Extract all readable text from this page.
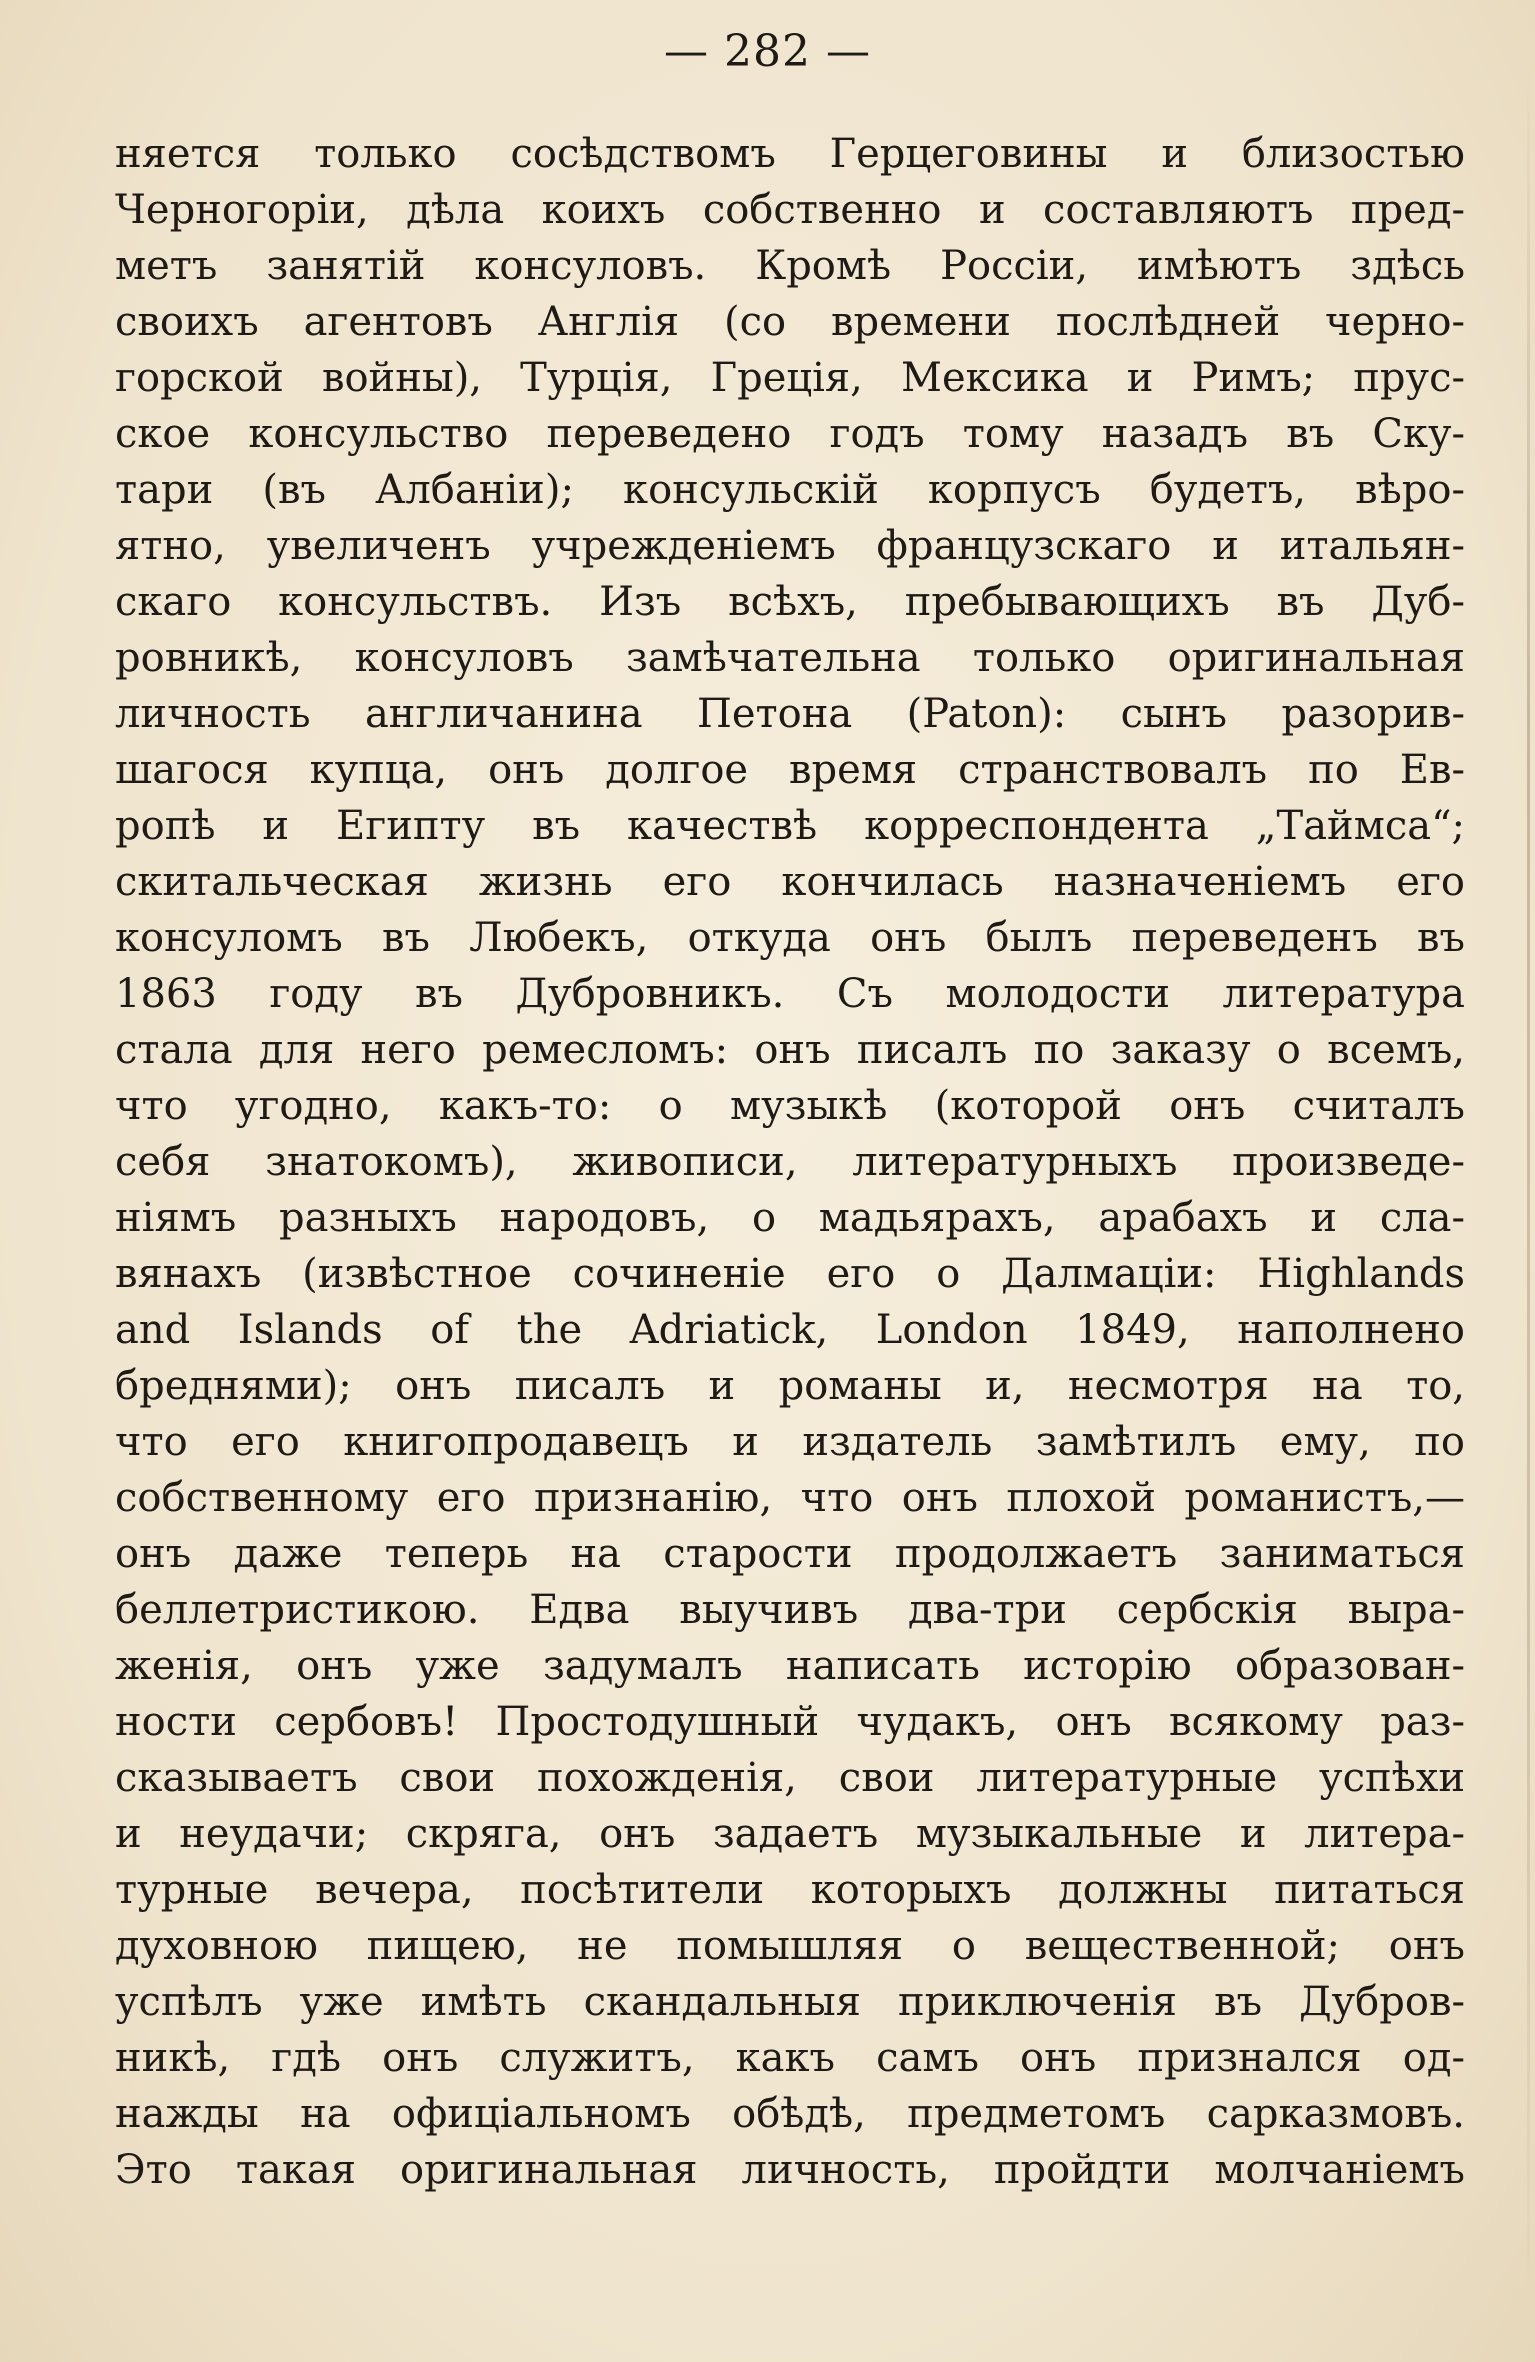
— 282 —
няется только сосѣдствомъ Герцеговины и близостью
Черногоріи, дѣла коихъ собственно и составляютъ пред-
метъ занятій консуловъ. Кромѣ Россіи, имѣютъ здѣсь
своихъ агентовъ Англія (со времени послѣдней черно-
горской войны), Турція, Греція, Мексика и Римъ; прус-
ское консульство переведено годъ тому назадъ въ Ску-
тари (въ Албаніи); консульскій корпусъ будетъ, вѣро-
ятно, увеличенъ учрежденіемъ французскаго и итальян-
скаго консульствъ. Изъ всѣхъ, пребывающихъ въ Дуб-
ровникѣ, консуловъ замѣчательна только оригинальная
личность англичанина Петона (Paton): сынъ разорив-
шагося купца, онъ долгое время странствовалъ по Ев-
ропѣ и Египту въ качествѣ корреспондента „Таймса“;
скитальческая жизнь его кончилась назначеніемъ его
консуломъ въ Любекъ, откуда онъ былъ переведенъ въ
1863 году въ Дубровникъ. Съ молодости литература
стала для него ремесломъ: онъ писалъ по заказу о всемъ,
что угодно, какъ-то: о музыкѣ (которой онъ считалъ
себя знатокомъ), живописи, литературныхъ произведе-
ніямъ разныхъ народовъ, о мадьярахъ, арабахъ и сла-
вянахъ (извѣстное сочиненіе его о Далмаціи: Highlands
and Islands of the Adriatick, London 1849, наполнено
бреднями); онъ писалъ и романы и, несмотря на то,
что его книгопродавецъ и издатель замѣтилъ ему, по
собственному его признанію, что онъ плохой романистъ,—
онъ даже теперь на старости продолжаетъ заниматься
беллетристикою. Едва выучивъ два-три сербскія выра-
женія, онъ уже задумалъ написать исторію образован-
ности сербовъ! Простодушный чудакъ, онъ всякому раз-
сказываетъ свои похожденія, свои литературные успѣхи
и неудачи; скряга, онъ задаетъ музыкальные и литера-
турные вечера, посѣтители которыхъ должны питаться
духовною пищею, не помышляя о вещественной; онъ
успѣлъ уже имѣть скандальныя приключенія въ Дубров-
никѣ, гдѣ онъ служитъ, какъ самъ онъ признался од-
нажды на офиціальномъ обѣдѣ, предметомъ сарказмовъ.
Это такая оригинальная личность, пройдти молчаніемъ
